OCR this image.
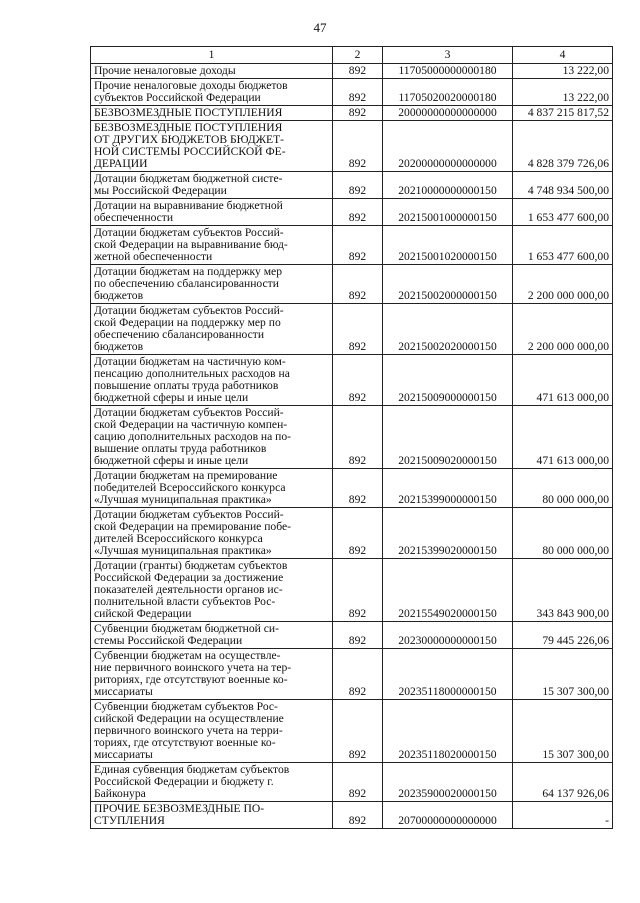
47
1	2	3	4
Прочие неналоговые доходы	892	11705000000000180	13 222,00
Прочие неналоговые доходы бюджетов
субъектов Российской Федерации	892	11705020020000180	13 222,00
БЕЗВОЗМЕЗДНЫЕ ПОСТУПЛЕНИЯ	892	20000000000000000	4 837 215 817,52
БЕЗВОЗМЕЗДНЫЕ ПОСТУПЛЕНИЯ
ОТ ДРУГИХ БЮДЖЕТОВ БЮДЖЕТ-
НОЙ СИСТЕМЫ РОССИЙСКОЙ ФЕ-
ДЕРАЦИИ	892	20200000000000000	4 828 379 726,06
Дотации бюджетам бюджетной систе-
мы Российской Федерации	892	20210000000000150	4 748 934 500,00
Дотации на выравнивание бюджетной
обеспеченности	892	20215001000000150	1 653 477 600,00
Дотации бюджетам субъектов Россий-
ской Федерации на выравнивание бюд-
жетной обеспеченности	892	20215001020000150	1 653 477 600,00
Дотации бюджетам на поддержку мер
по обеспечению сбалансированности
бюджетов	892	20215002000000150	2 200 000 000,00
Дотации бюджетам субъектов Россий-
ской Федерации на поддержку мер по
обеспечению сбалансированности
бюджетов	892	20215002020000150	2 200 000 000,00
Дотации бюджетам на частичную ком-
пенсацию дополнительных расходов на
повышение оплаты труда работников
бюджетной сферы и иные цели	892	20215009000000150	471 613 000,00
Дотации бюджетам субъектов Россий-
ской Федерации на частичную компен-
сацию дополнительных расходов на по-
вышение оплаты труда работников
бюджетной сферы и иные цели	892	20215009020000150	471 613 000,00
Дотации бюджетам на премирование
победителей Всероссийского конкурса
«Лучшая муниципальная практика»	892	20215399000000150	80 000 000,00
Дотации бюджетам субъектов Россий-
ской Федерации на премирование побе-
дителей Всероссийского конкурса
«Лучшая муниципальная практика»	892	20215399020000150	80 000 000,00
Дотации (гранты) бюджетам субъектов
Российской Федерации за достижение
показателей деятельности органов ис-
полнительной власти субъектов Рос-
сийской Федерации	892	20215549020000150	343 843 900,00
Субвенции бюджетам бюджетной си-
стемы Российской Федерации	892	20230000000000150	79 445 226,06
Субвенции бюджетам на осуществле-
ние первичного воинского учета на тер-
риториях, где отсутствуют военные ко-
миссариаты	892	20235118000000150	15 307 300,00
Субвенции бюджетам субъектов Рос-
сийской Федерации на осуществление
первичного воинского учета на терри-
ториях, где отсутствуют военные ко-
миссариаты	892	20235118020000150	15 307 300,00
Единая субвенция бюджетам субъектов
Российской Федерации и бюджету г.
Байконура	892	20235900020000150	64 137 926,06
ПРОЧИЕ БЕЗВОЗМЕЗДНЫЕ ПО-
СТУПЛЕНИЯ	892	20700000000000000	-
